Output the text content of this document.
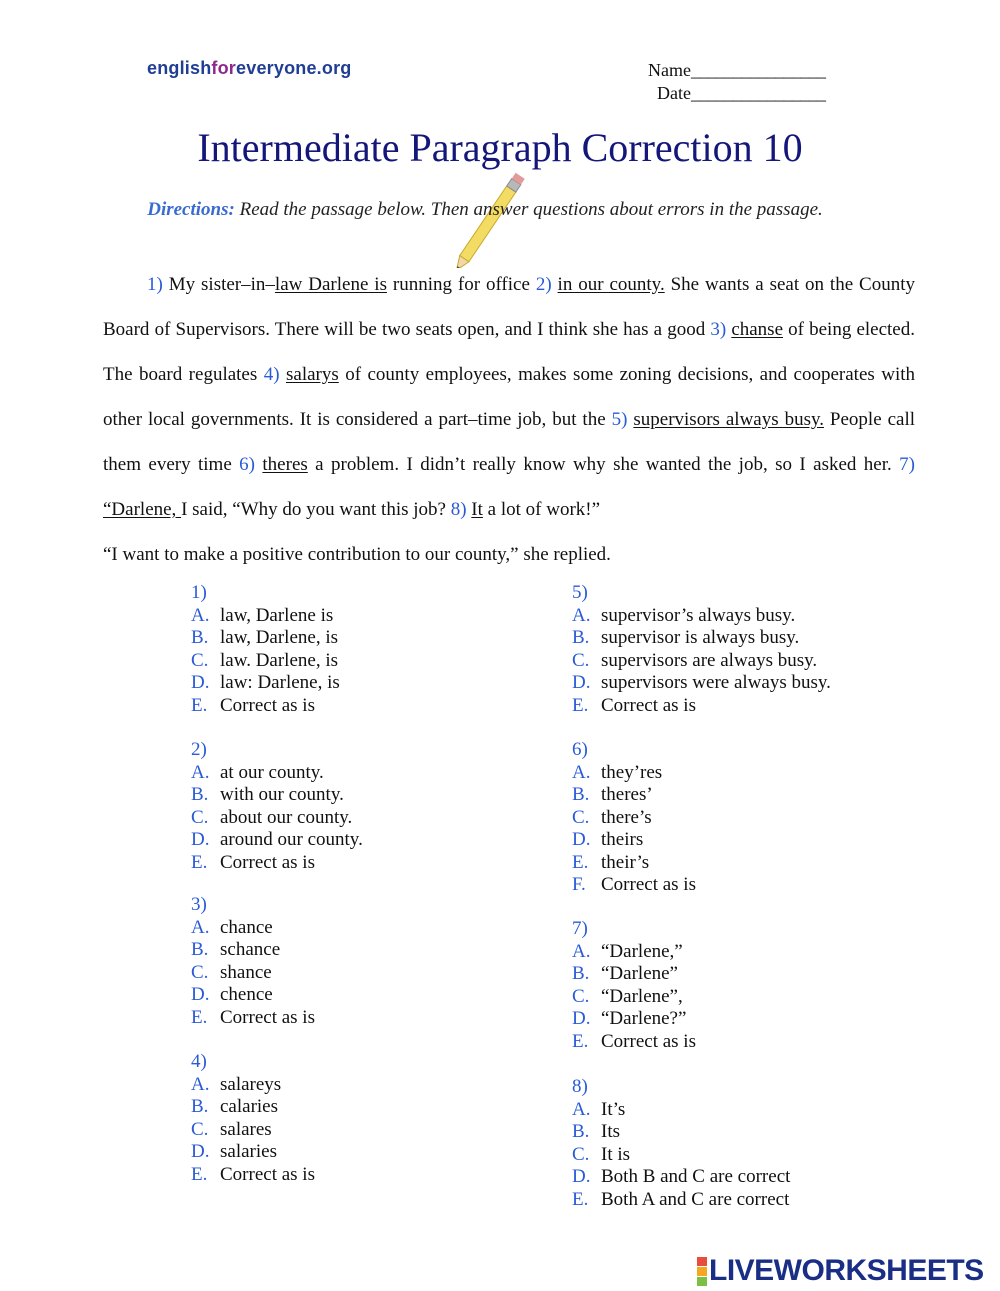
englishforeveryone.org	Name________________
Date________________
Intermediate Paragraph Correction 10
Directions: Read the passage below. Then answer questions about errors in the passage.

1) My sister–in–law Darlene is running for office 2) in our county. She wants a seat on the County Board of Supervisors. There will be two seats open, and I think she has a good 3) chanse of being elected. The board regulates 4) salarys of county employees, makes some zoning decisions, and cooperates with other local governments. It is considered a part–time job, but the 5) supervisors always busy. People call them every time 6) theres a problem. I didn’t really know why she wanted the job, so I asked her. 7) “Darlene, I said, “Why do you want this job? 8) It a lot of work!”

“I want to make a positive contribution to our county,” she replied.

1)
A. law, Darlene is
B. law, Darlene, is
C. law. Darlene, is
D. law: Darlene, is
E. Correct as is
2)
A. at our county.
B. with our county.
C. about our county.
D. around our county.
E. Correct as is
3)
A. chance
B. schance
C. shance
D. chence
E. Correct as is
4)
A. salareys
B. calaries
C. salares
D. salaries
E. Correct as is
5)
A. supervisor’s always busy.
B. supervisor is always busy.
C. supervisors are always busy.
D. supervisors were always busy.
E. Correct as is
6)
A. they’res
B. theres’
C. there’s
D. theirs
E. their’s
F. Correct as is
7)
A. “Darlene,”
B. “Darlene”
C. “Darlene”,
D. “Darlene?”
E. Correct as is
8)
A. It’s
B. Its
C. It is
D. Both B and C are correct
E. Both A and C are correct
LIVEWORKSHEETS
